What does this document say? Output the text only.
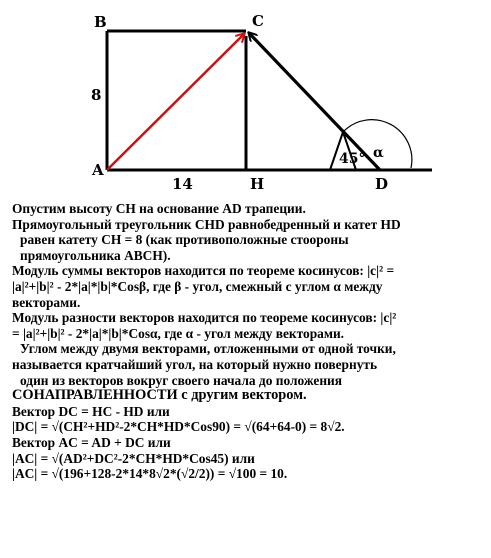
B	C
A
H	D
8
14
45° α
Опустим высоту CH на основание AD трапеции.
Прямоугольный треугольник CHD равнобедренный и катет HD
равен катету CH = 8 (как противоположные стоороны
прямоугольника ABCH).
Модуль суммы векторов находится по теореме косинусов: |c|² =
|a|²+|b|² - 2*|a|*|b|*Cosβ, где β - угол, смежный с углом α между
векторами.
Модуль разности векторов находится по теореме косинусов: |c|²
= |a|²+|b|² - 2*|a|*|b|*Cosα, где α - угол между векторами.
Углом между двумя векторами, отложенными от одной точки,
называется кратчайший угол, на который нужно повернуть
один из векторов вокруг своего начала до положения
СОНАПРАВЛЕННОСТИ с другим вектором.
Вектор DC = HC - HD или
|DC| = √(CH²+HD²-2*CH*HD*Cos90) = √(64+64-0) = 8√2.
Вектор AC = AD + DC или
|AC| = √(AD²+DC²-2*CH*HD*Cos45) или
|AC| = √(196+128-2*14*8√2*(√2/2)) = √100 = 10.
